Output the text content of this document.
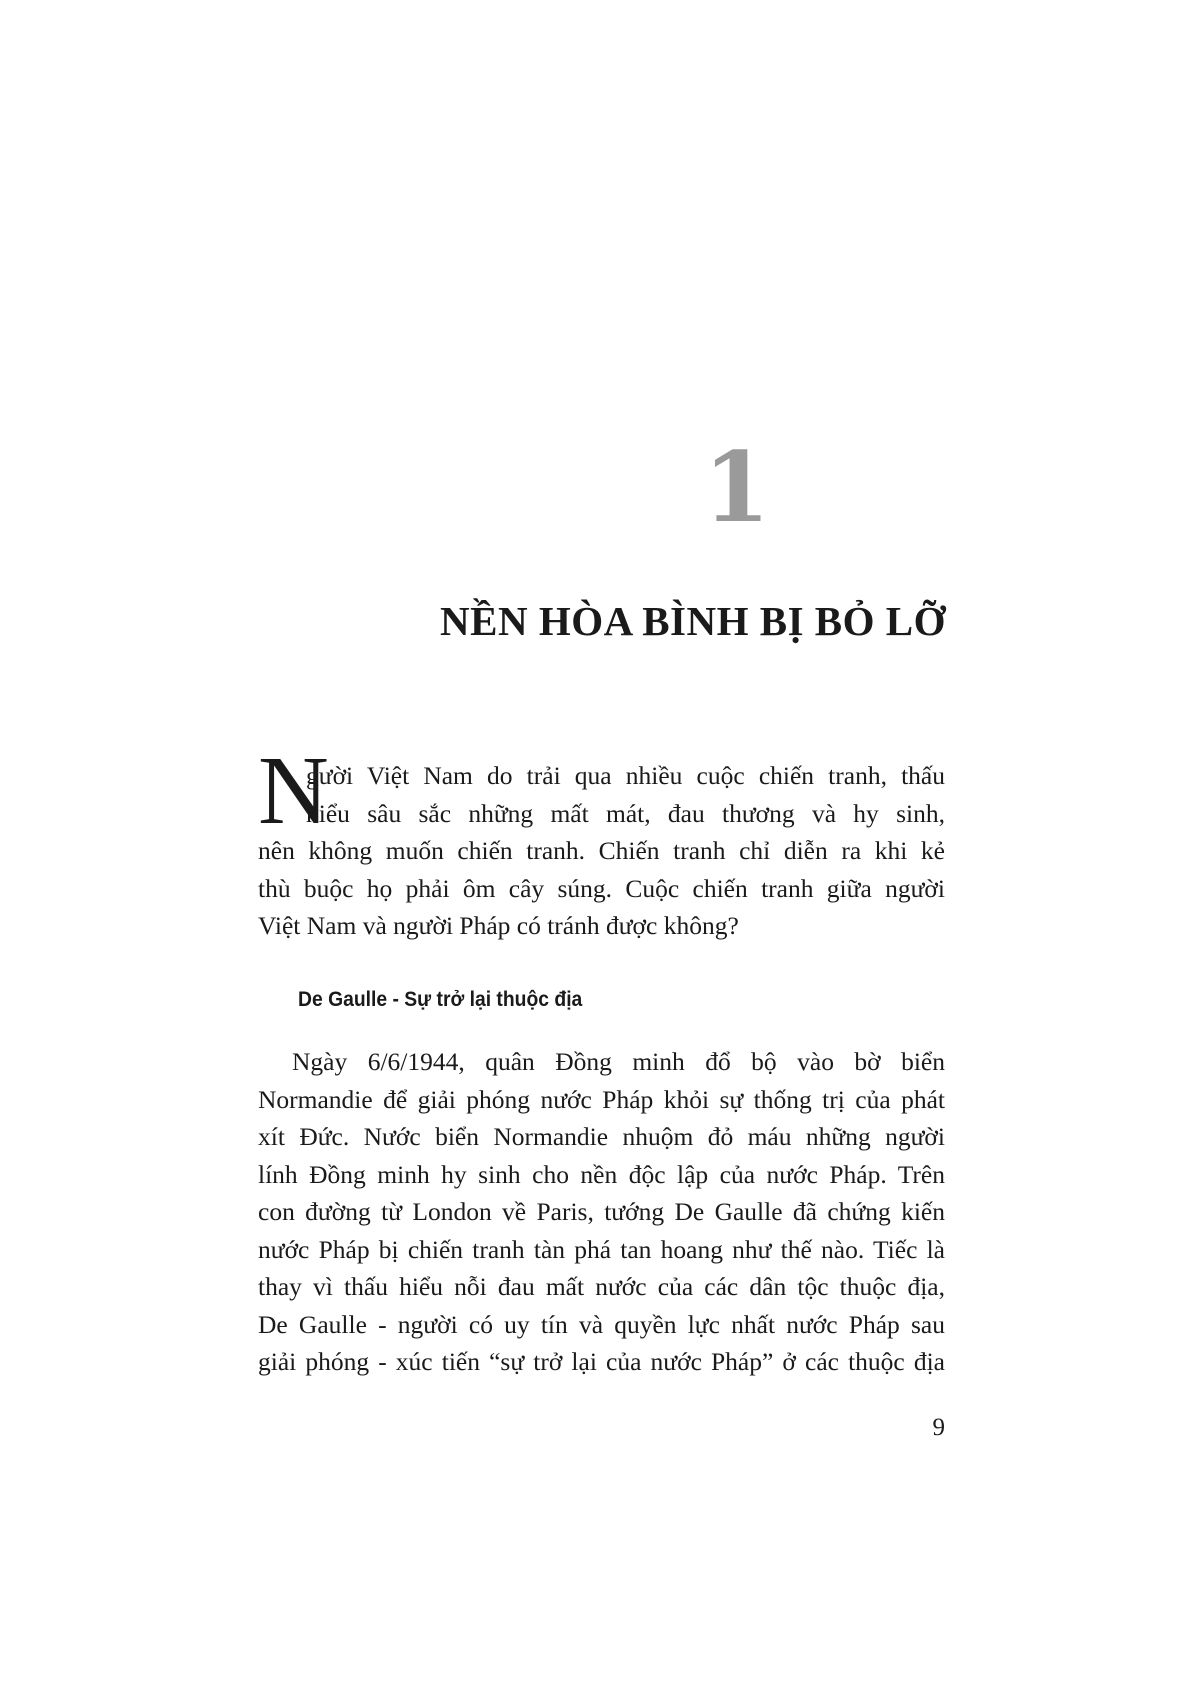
1
NỀN HÒA BÌNH BỊ BỎ LỠ
N
gười Việt Nam do trải qua nhiều cuộc chiến tranh, thấu
hiểu sâu sắc những mất mát, đau thương và hy sinh,
nên không muốn chiến tranh. Chiến tranh chỉ diễn ra khi kẻ
thù buộc họ phải ôm cây súng. Cuộc chiến tranh giữa người
Việt Nam và người Pháp có tránh được không?
De Gaulle - Sự trở lại thuộc địa
Ngày 6/6/1944, quân Đồng minh đổ bộ vào bờ biển
Normandie để giải phóng nước Pháp khỏi sự thống trị của phát
xít Đức. Nước biển Normandie nhuộm đỏ máu những người
lính Đồng minh hy sinh cho nền độc lập của nước Pháp. Trên
con đường từ London về Paris, tướng De Gaulle đã chứng kiến
nước Pháp bị chiến tranh tàn phá tan hoang như thế nào. Tiếc là
thay vì thấu hiểu nỗi đau mất nước của các dân tộc thuộc địa,
De Gaulle - người có uy tín và quyền lực nhất nước Pháp sau
giải phóng - xúc tiến “sự trở lại của nước Pháp” ở các thuộc địa
9
